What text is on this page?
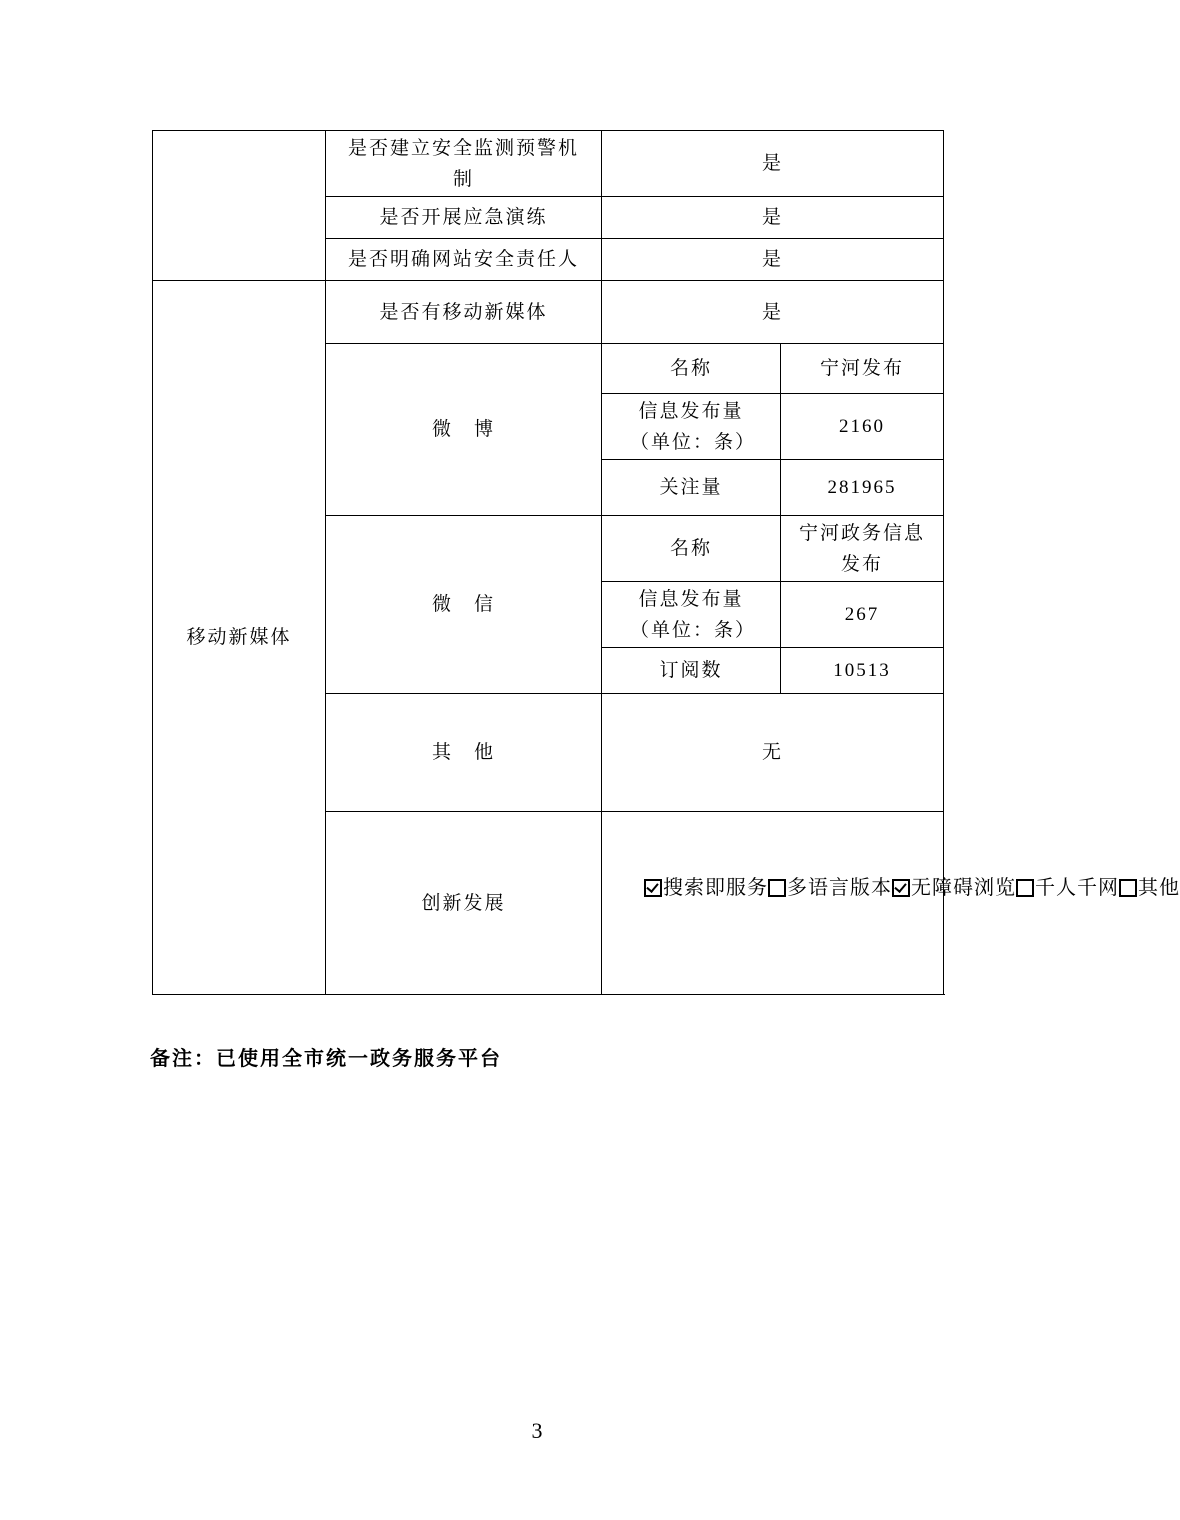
	是否建立安全监测预警机制	是	
	是否开展应急演练	是	
	是否明确网站安全责任人	是	
移动新媒体	是否有移动新媒体	是	
	微　博	名称	宁河发布
		信息发布量（单位：条）	2160
		关注量	281965
	微　信	名称	宁河政务信息发布
		信息发布量（单位：条）	267
		订阅数	10513
	其　他	无	
	创新发展	搜索即服务 多语言版本 无障碍浏览 千人千网 其他	
备注：已使用全市统一政务服务平台
3
